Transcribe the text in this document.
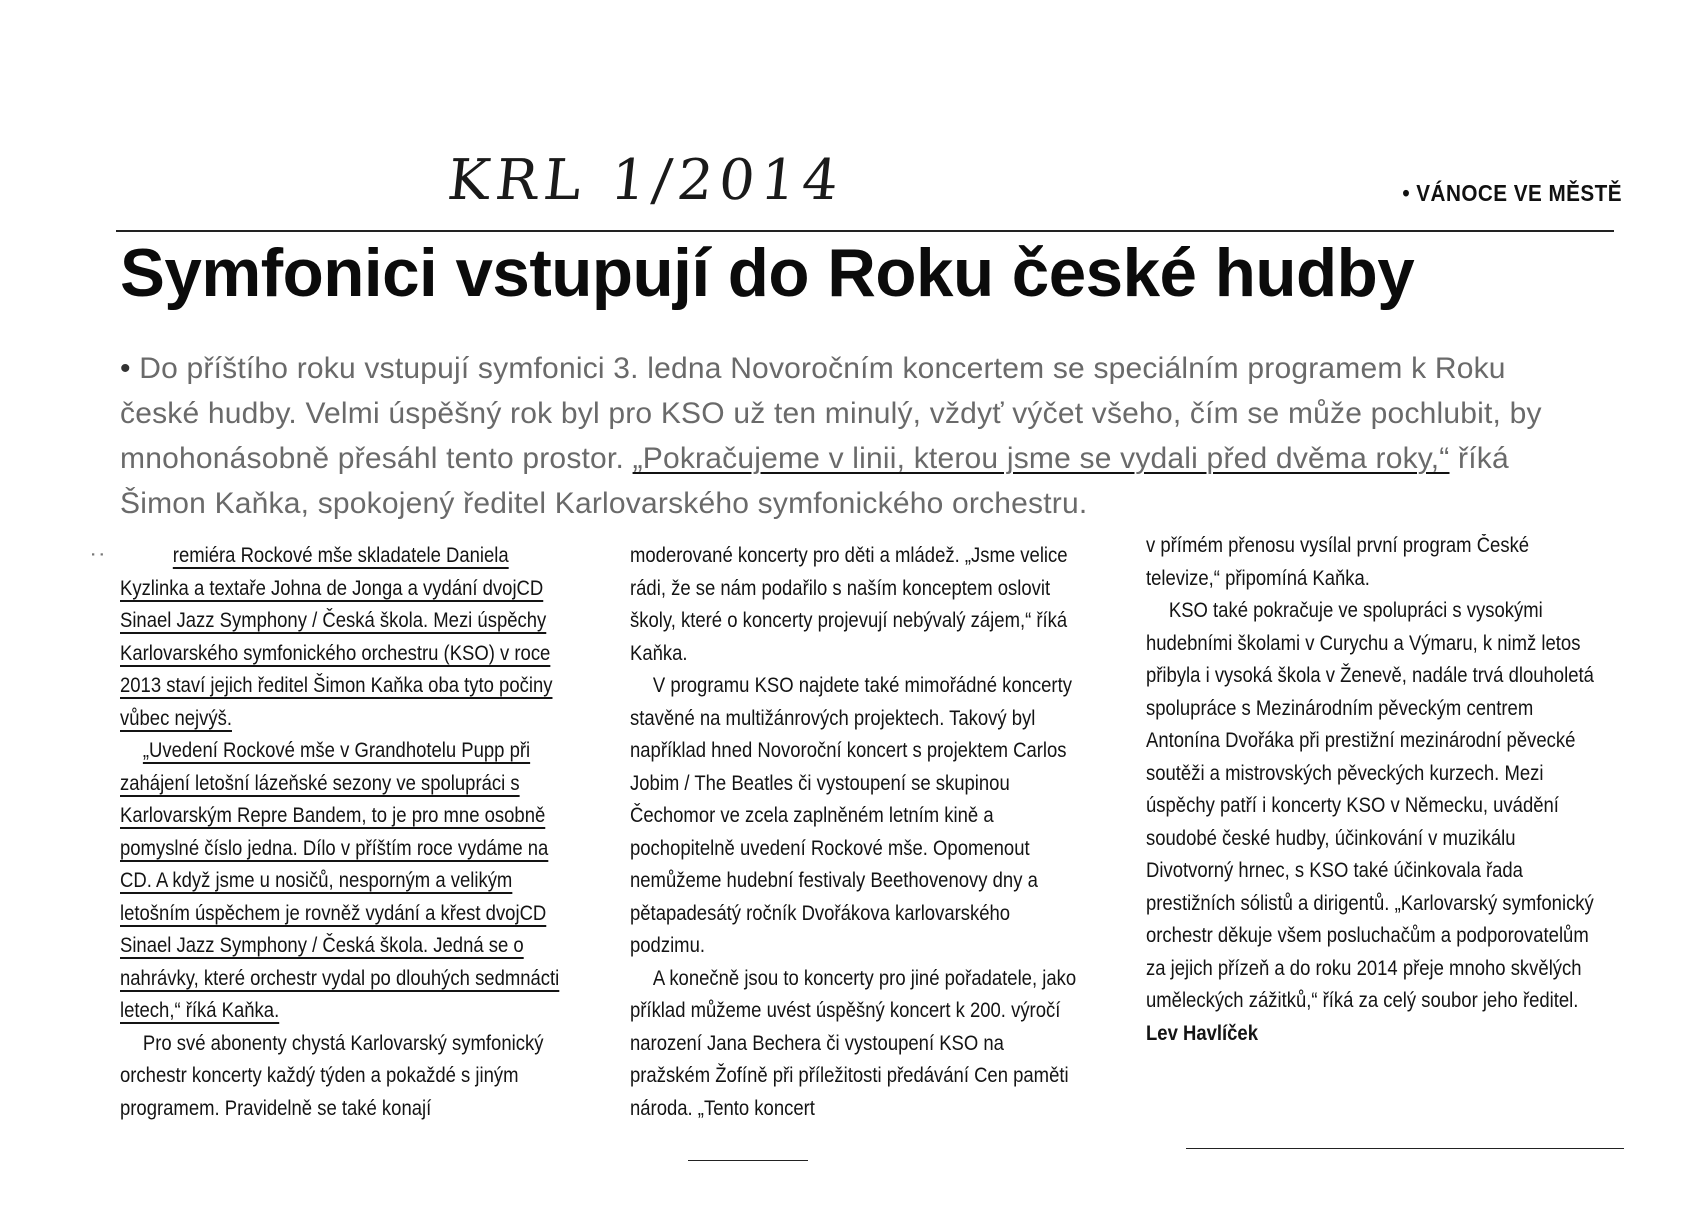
KRL 1/2014	• VÁNOCE VE MĚSTĚ
Symfonici vstupují do Roku české hudby
• Do příštího roku vstupují symfonici 3. ledna Novoročním koncertem se speciálním programem k Roku české hudby. Velmi úspěšný rok byl pro KSO už ten minulý, vždyť výčet všeho, čím se může pochlubit, by mnohonásobně přesáhl tento prostor. „Pokračujeme v linii, kterou jsme se vydali před dvěma roky,“ říká Šimon Kaňka, spokojený ředitel Karlovarského symfonického orchestru.

remiéra Rockové mše skladatele Daniela Kyzlinka a textaře Johna de Jonga a vydání dvojCD Sinael Jazz Symphony / Česká škola. Mezi úspěchy Karlovarského symfonického orchestru (KSO) v roce 2013 staví jejich ředitel Šimon Kaňka oba tyto počiny vůbec nejvýš.

„Uvedení Rockové mše v Grandhotelu Pupp při zahájení letošní lázeňské sezony ve spolupráci s Karlovarským Repre Bandem, to je pro mne osobně pomyslné číslo jedna. Dílo v příštím roce vydáme na CD. A když jsme u nosičů, nesporným a velikým letošním úspěchem je rovněž vydání a křest dvojCD Sinael Jazz Symphony / Česká škola. Jedná se o nahrávky, které orchestr vydal po dlouhých sedmnácti letech,“ říká Kaňka.

Pro své abonenty chystá Karlovarský symfonický orchestr koncerty každý týden a pokaždé s jiným programem. Pravidelně se také konají

moderované koncerty pro děti a mládež. „Jsme velice rádi, že se nám podařilo s naším konceptem oslovit školy, které o koncerty projevují nebývalý zájem,“ říká Kaňka.

V programu KSO najdete také mimořádné koncerty stavěné na multižánrových projektech. Takový byl například hned Novoroční koncert s projektem Carlos Jobim / The Beatles či vystoupení se skupinou Čechomor ve zcela zaplněném letním kině a pochopitelně uvedení Rockové mše. Opomenout nemůžeme hudební festivaly Beethovenovy dny a pětapadesátý ročník Dvořákova karlovarského podzimu.

A konečně jsou to koncerty pro jiné pořadatele, jako příklad můžeme uvést úspěšný koncert k 200. výročí narození Jana Bechera či vystoupení KSO na pražském Žofíně při příležitosti předávání Cen paměti národa. „Tento koncert

v přímém přenosu vysílal první program České televize,“ připomíná Kaňka.

KSO také pokračuje ve spolupráci s vysokými hudebními školami v Curychu a Výmaru, k nimž letos přibyla i vysoká škola v Ženevě, nadále trvá dlouholetá spolupráce s Mezinárodním pěveckým centrem Antonína Dvořáka při prestižní mezinárodní pěvecké soutěži a mistrovských pěveckých kurzech. Mezi úspěchy patří i koncerty KSO v Německu, uvádění soudobé české hudby, účinkování v muzikálu Divotvorný hrnec, s KSO také účinkovala řada prestižních sólistů a dirigentů. „Karlovarský symfonický orchestr děkuje všem posluchačům a podporovatelům za jejich přízeň a do roku 2014 přeje mnoho skvělých uměleckých zážitků,“ říká za celý soubor jeho ředitel.

Lev Havlíček

˙˙
